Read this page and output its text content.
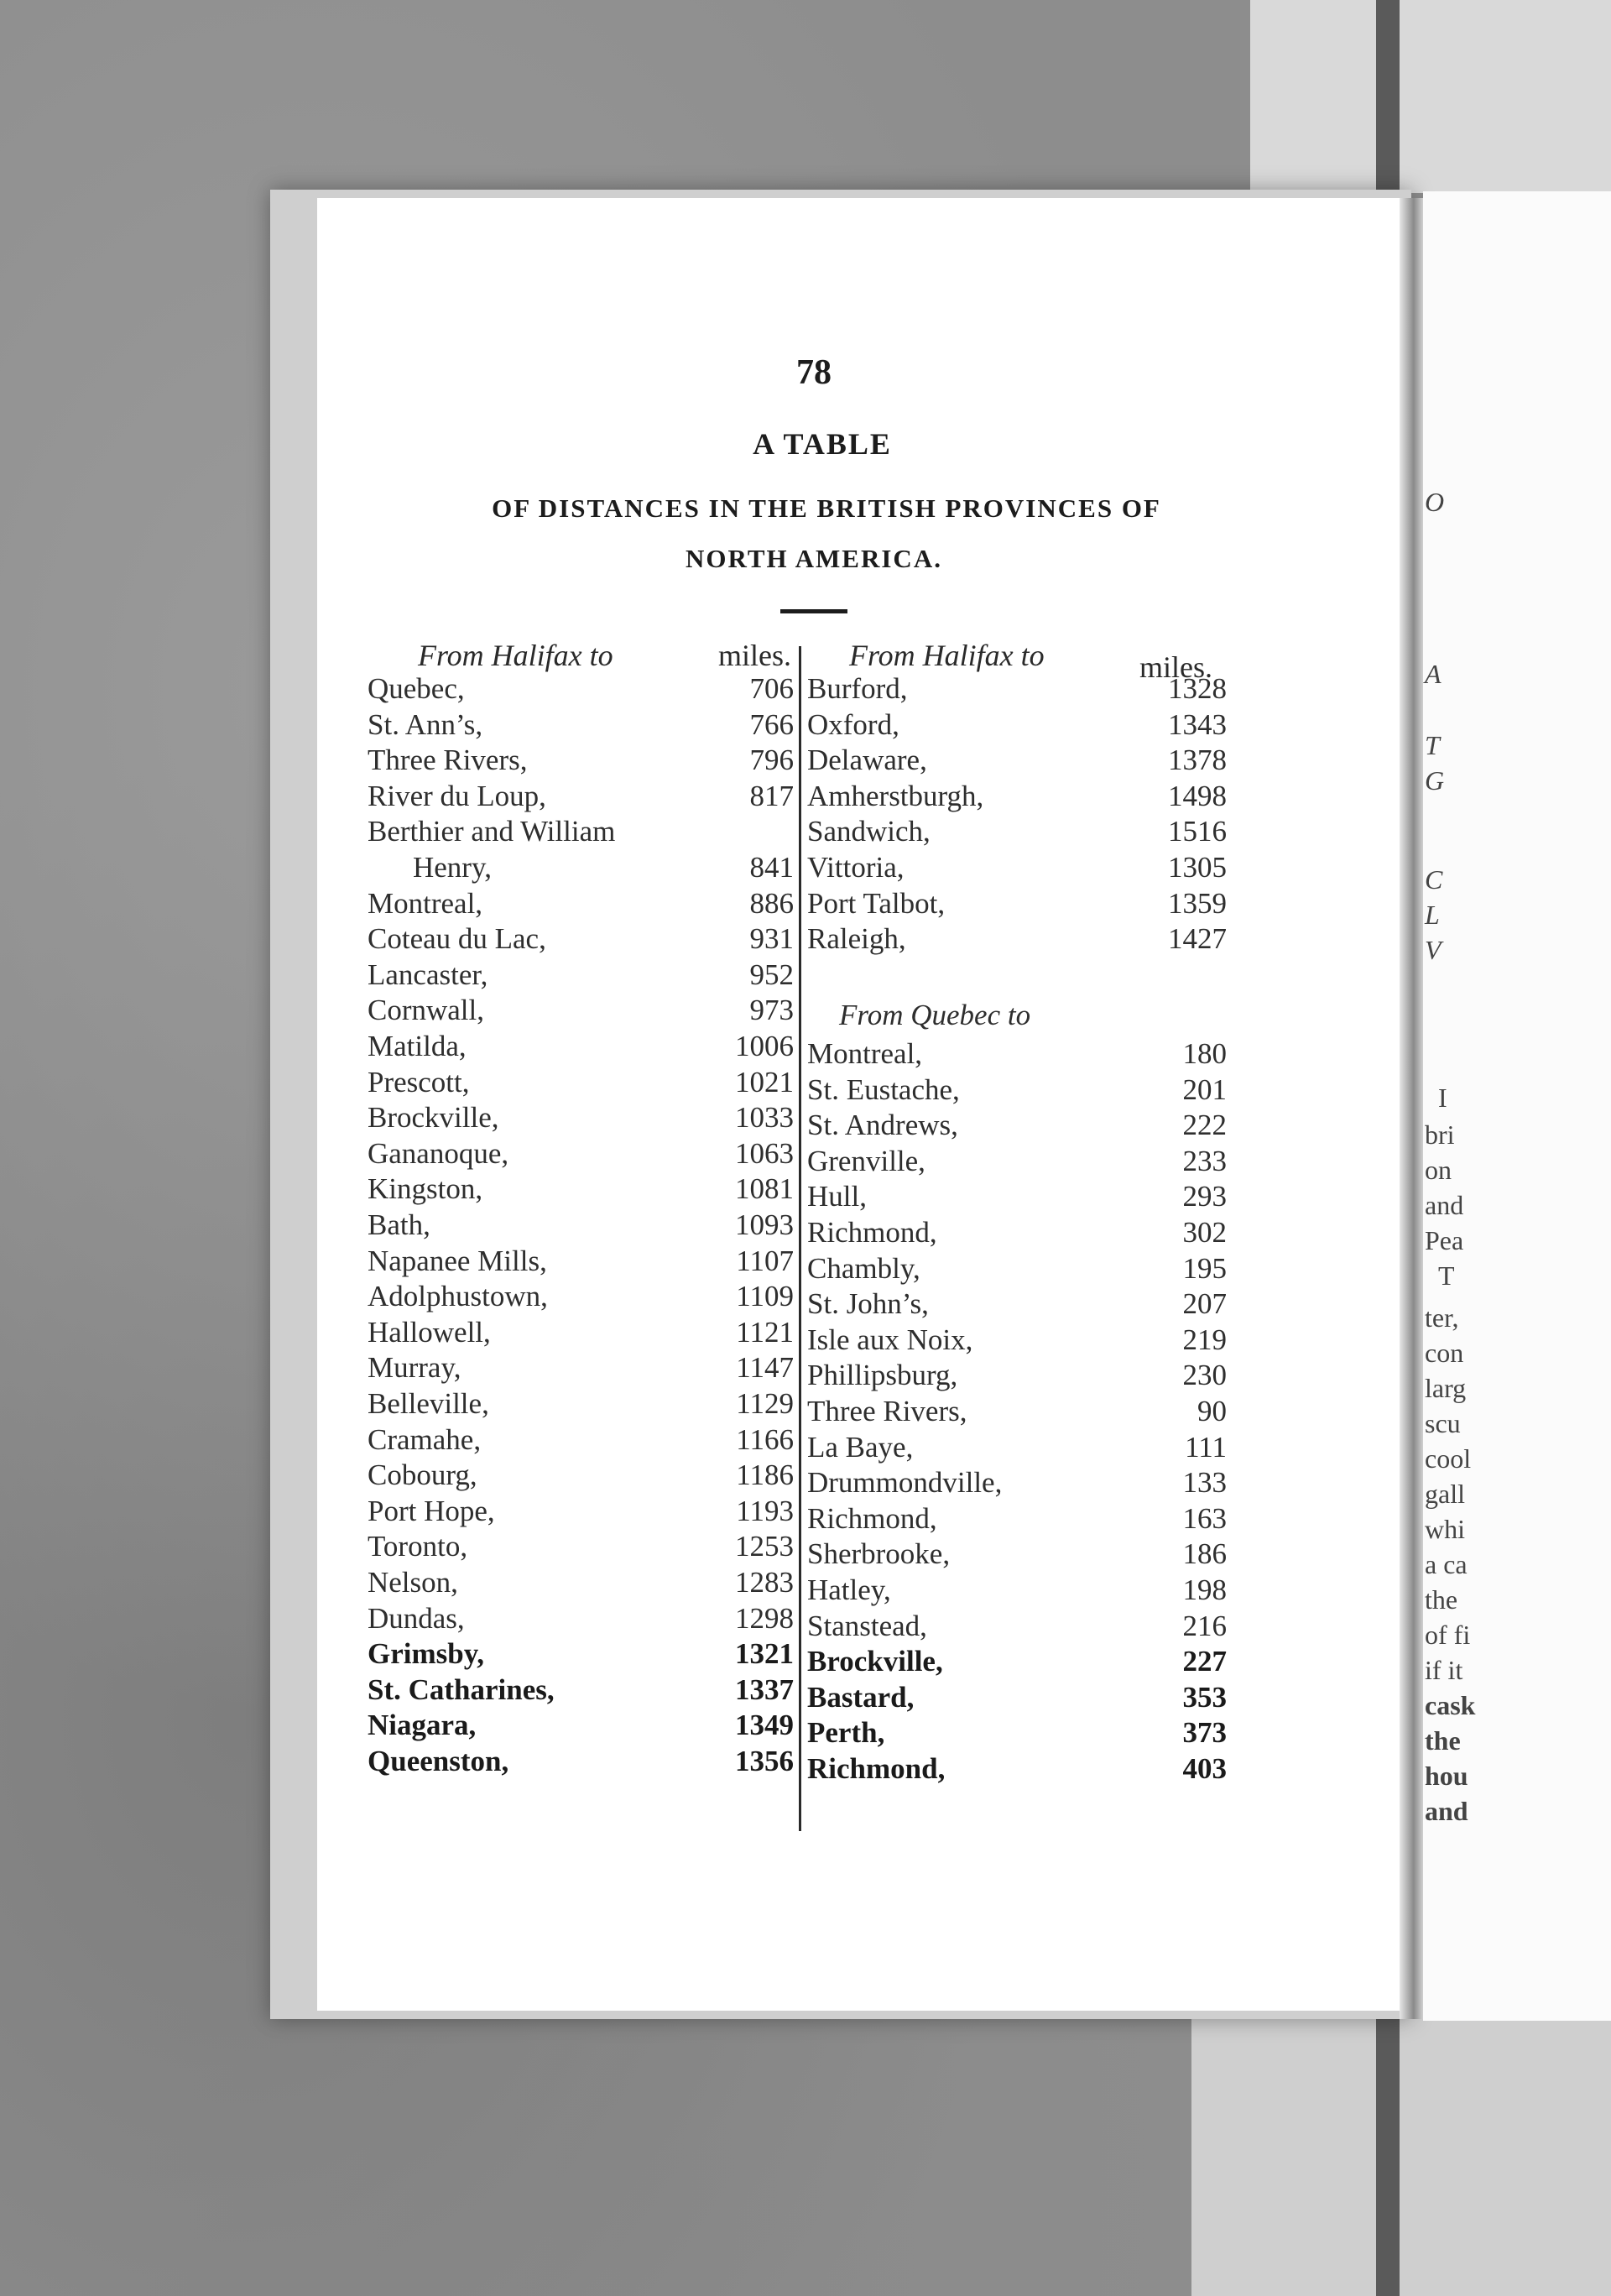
O
A
T
G
C
L
V
I
bri
on
and
Pea
T
ter,
con
larg
scu
cool
gall
whi
a ca
the
of fi
if it
cask
the
hou
and
78
A TABLE
OF DISTANCES IN THE BRITISH PROVINCES OF
NORTH AMERICA.
From Halifax to	miles. From Halifax to	miles.
Quebec,	706
St. Ann’s,	766
Three Rivers,	796
River du Loup,	817
Berthier and William
Henry,	841
Montreal,	886
Coteau du Lac,	931
Lancaster,	952
Cornwall,	973
Matilda,	1006
Prescott,	1021
Brockville,	1033
Gananoque,	1063
Kingston,	1081
Bath,	1093
Napanee Mills,	1107
Adolphustown,	1109
Hallowell,	1121
Murray,	1147
Belleville,	1129
Cramahe,	1166
Cobourg,	1186
Port Hope,	1193
Toronto,	1253
Nelson,	1283
Dundas,	1298
Grimsby,	1321
St. Catharines,	1337
Niagara,	1349
Queenston,	1356
Burford,	1328
Oxford,	1343
Delaware,	1378
Amherstburgh,	1498
Sandwich,	1516
Vittoria,	1305
Port Talbot,	1359
Raleigh,	1427
Montreal,	180
St. Eustache,	201
St. Andrews,	222
Grenville,	233
Hull,	293
Richmond,	302
Chambly,	195
St. John’s,	207
Isle aux Noix,	219
Phillipsburg,	230
Three Rivers,	90
La Baye,	111
Drummondville,	133
Richmond,	163
Sherbrooke,	186
Hatley,	198
Stanstead,	216
Brockville,	227
Bastard,	353
Perth,	373
Richmond,	403
From Quebec to
